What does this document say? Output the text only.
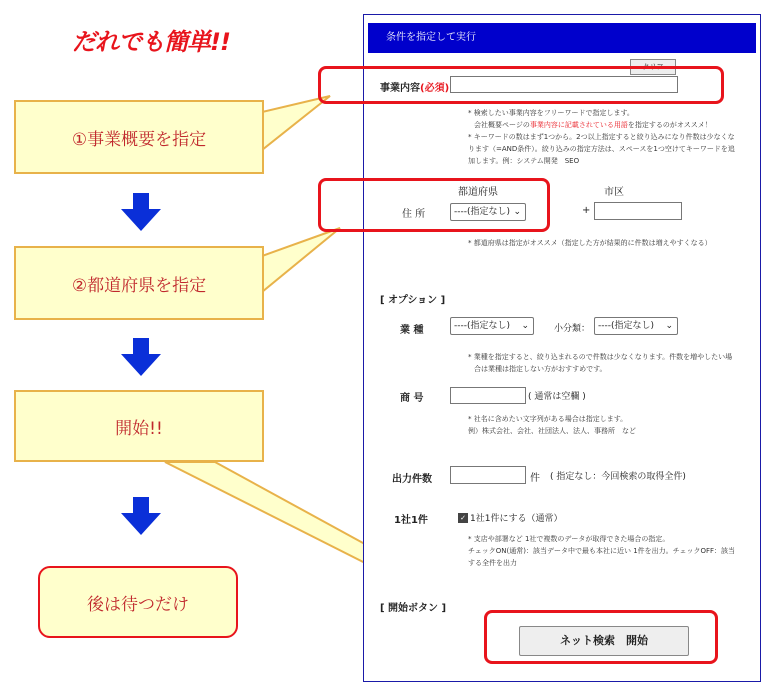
だれでも簡単!!
①事業概要を指定
②都道府県を指定
開始!!
後は待つだけ
条件を指定して実行
クリア
事業内容(必須)
* 検索したい事業内容をフリーワードで指定します。
会社概要ページの事業内容に記載されている用語を指定するのがオススメ！
* キーワードの数はまず1つから。2つ以上指定すると絞り込みになり件数は少なくな
ります（=AND条件）。絞り込みの指定方法は、スペースを1つ空けてキーワードを追
加します。例：システム開発　SEO
都道府県	市区
住 所	----(指定なし) ⌄	+
* 都道府県は指定がオススメ（指定した方が結果的に件数は増えやすくなる）
[ オプション ]
業 種	----(指定なし) ⌄	小分類： ----(指定なし) ⌄
* 業種を指定すると、絞り込まれるので件数は少なくなります。件数を増やしたい場
合は業種は指定しない方がおすすめです。
商 号	( 通常は空欄 )
* 社名に含めたい文字列がある場合は指定します。
例）株式会社、会社、社団法人、法人、事務所　など
出力件数	件 ( 指定なし：今回検索の取得全件)
1社1件	✓ 1社1件にする（通常）
* 支店や部署など 1社で複数のデータが取得できた場合の指定。
チェックON(通常)：該当データ中で最も本社に近い 1件を出力。チェックOFF：該当
する全件を出力
[ 開始ボタン ]
ネット検索　開始
